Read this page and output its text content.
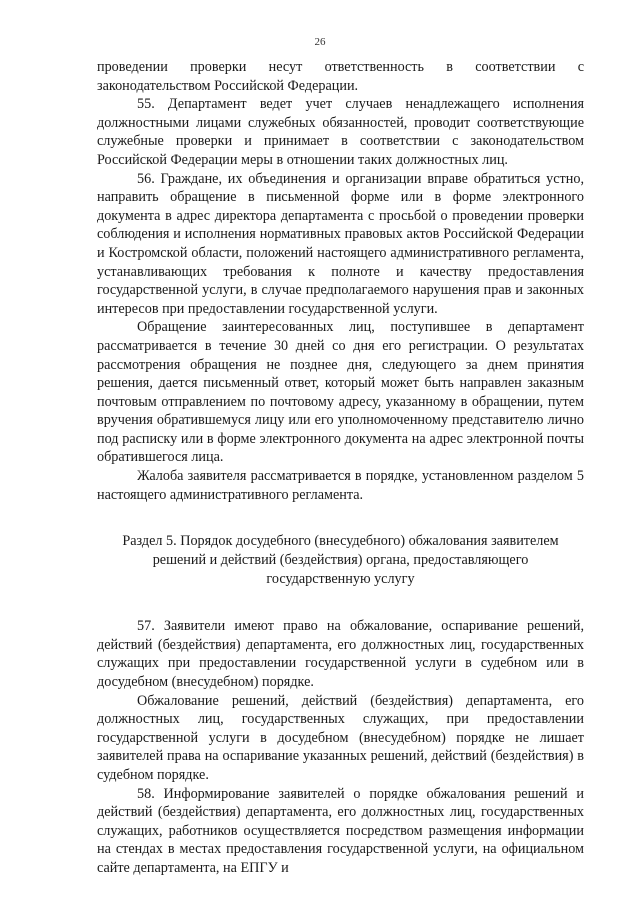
26

проведении проверки несут ответственность в соответствии с законодательством Российской Федерации.

55. Департамент ведет учет случаев ненадлежащего исполнения должностными лицами служебных обязанностей, проводит соответствующие служебные проверки и принимает в соответствии с законодательством Российской Федерации меры в отношении таких должностных лиц.

56. Граждане, их объединения и организации вправе обратиться устно, направить обращение в письменной форме или в форме электронного документа в адрес директора департамента с просьбой о проведении проверки соблюдения и исполнения нормативных правовых актов Российской Федерации и Костромской области, положений настоящего административного регламента, устанавливающих требования к полноте и качеству предоставления государственной услуги, в случае предполагаемого нарушения прав и законных интересов при предоставлении государственной услуги.

Обращение заинтересованных лиц, поступившее в департамент рассматривается в течение 30 дней со дня его регистрации. О результатах рассмотрения обращения не позднее дня, следующего за днем принятия решения, дается письменный ответ, который может быть направлен заказным почтовым отправлением по почтовому адресу, указанному в обращении, путем вручения обратившемуся лицу или его уполномоченному представителю лично под расписку или в форме электронного документа на адрес электронной почты обратившегося лица.

Жалоба заявителя рассматривается в порядке, установленном разделом 5 настоящего административного регламента.

Раздел 5. Порядок досудебного (внесудебного) обжалования заявителем решений и действий (бездействия) органа, предоставляющего государственную услугу

57. Заявители имеют право на обжалование, оспаривание решений, действий (бездействия) департамента, его должностных лиц, государственных служащих при предоставлении государственной услуги в судебном или в досудебном (внесудебном) порядке.

Обжалование решений, действий (бездействия) департамента, его должностных лиц, государственных служащих, при предоставлении государственной услуги в досудебном (внесудебном) порядке не лишает заявителей права на оспаривание указанных решений, действий (бездействия) в судебном порядке.

58. Информирование заявителей о порядке обжалования решений и действий (бездействия) департамента, его должностных лиц, государственных служащих, работников осуществляется посредством размещения информации на стендах в местах предоставления государственной услуги, на официальном сайте департамента, на ЕПГУ и
